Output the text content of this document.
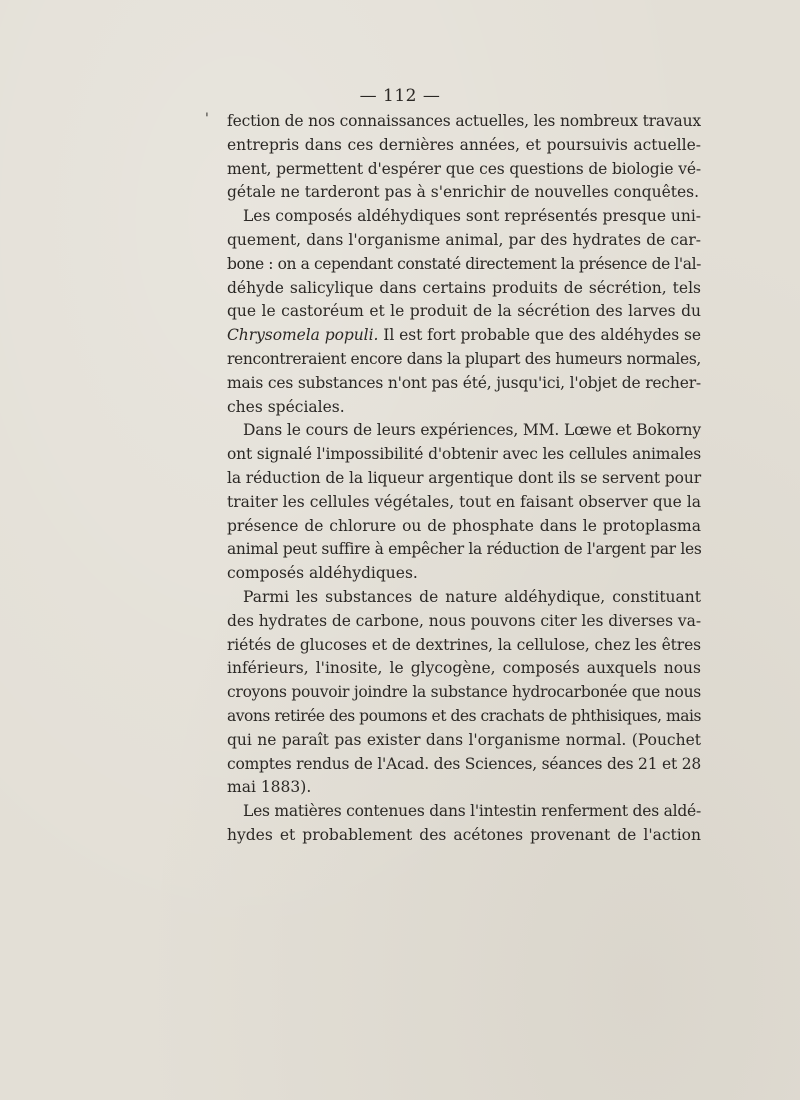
— 112 —
' fection de nos connaissances actuelles, les nombreux travaux
entrepris dans ces dernières années, et poursuivis actuelle-
ment, permettent d'espérer que ces questions de biologie vé-
gétale ne tarderont pas à s'enrichir de nouvelles conquêtes.
Les composés aldéhydiques sont représentés presque uni-
quement, dans l'organisme animal, par des hydrates de car-
bone : on a cependant constaté directement la présence de l'al-
déhyde salicylique dans certains produits de sécrétion, tels
que le castoréum et le produit de la sécrétion des larves du
Chrysomela populi. Il est fort probable que des aldéhydes se
rencontreraient encore dans la plupart des humeurs normales,
mais ces substances n'ont pas été, jusqu'ici, l'objet de recher-
ches spéciales.
Dans le cours de leurs expériences, MM. Lœwe et Bokorny
ont signalé l'impossibilité d'obtenir avec les cellules animales
la réduction de la liqueur argentique dont ils se servent pour
traiter les cellules végétales, tout en faisant observer que la
présence de chlorure ou de phosphate dans le protoplasma
animal peut suffire à empêcher la réduction de l'argent par les
composés aldéhydiques.
Parmi les substances de nature aldéhydique, constituant
des hydrates de carbone, nous pouvons citer les diverses va-
riétés de glucoses et de dextrines, la cellulose, chez les êtres
inférieurs, l'inosite, le glycogène, composés auxquels nous
croyons pouvoir joindre la substance hydrocarbonée que nous
avons retirée des poumons et des crachats de phthisiques, mais
qui ne paraît pas exister dans l'organisme normal. (Pouchet
comptes rendus de l'Acad. des Sciences, séances des 21 et 28
mai 1883).
Les matières contenues dans l'intestin renferment des aldé-
hydes et probablement des acétones provenant de l'action
